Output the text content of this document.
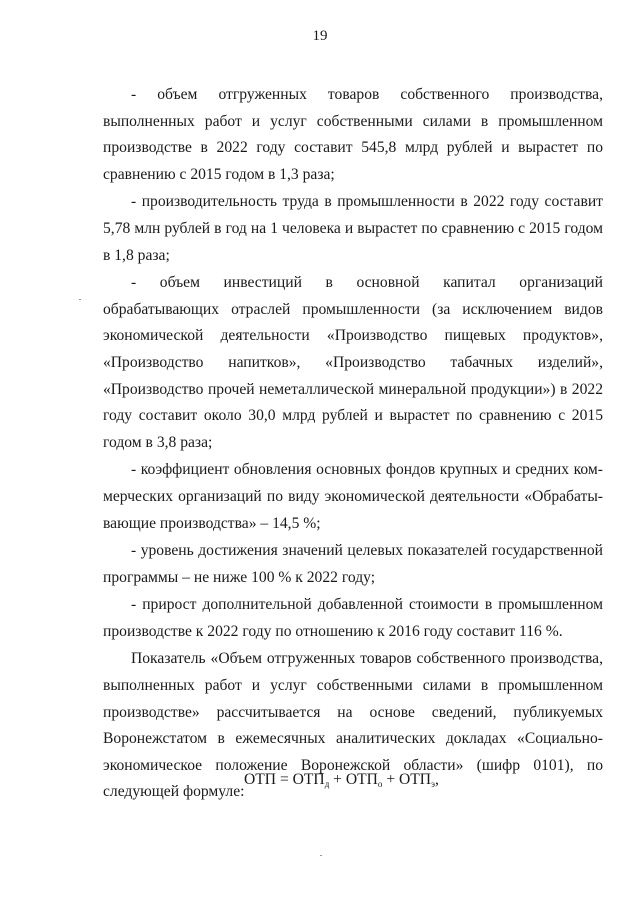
19

- объем отгруженных товаров собственного производства, выполненных работ и услуг собственными силами в промышленном производстве в 2022 году составит 545,8 млрд рублей и вырастет по сравнению с 2015 годом в 1,3 раза;

- производительность труда в промышленности в 2022 году составит 5,78 млн рублей в год на 1 человека и вырастет по сравнению с 2015 годом в 1,8 раза;

- объем инвестиций в основной капитал организаций обрабатывающих отраслей промышленности (за исключением видов экономической деятельности «Производство пищевых продуктов», «Производство напитков», «Производство табачных изделий», «Производство прочей неметаллической минеральной продукции») в 2022 году составит около 30,0 млрд рублей и вырастет по сравнению с 2015 годом в 3,8 раза;

- коэффициент обновления основных фондов крупных и средних коммерческих организаций по виду экономической деятельности «Обрабатывающие производства» – 14,5 %;

- уровень достижения значений целевых показателей государственной программы – не ниже 100 % к 2022 году;

- прирост дополнительной добавленной стоимости в промышленном производстве к 2022 году по отношению к 2016 году составит 116 %.

Показатель «Объем отгруженных товаров собственного производства, выполненных работ и услуг собственными силами в промышленном производстве» рассчитывается на основе сведений, публикуемых Воронежстатом в ежемесячных аналитических докладах «Социально-экономическое положение Воронежской области» (шифр 0101), по следующей формуле:

ОТП = $ОТП_д + ОТП_о + ОТП_э$,
